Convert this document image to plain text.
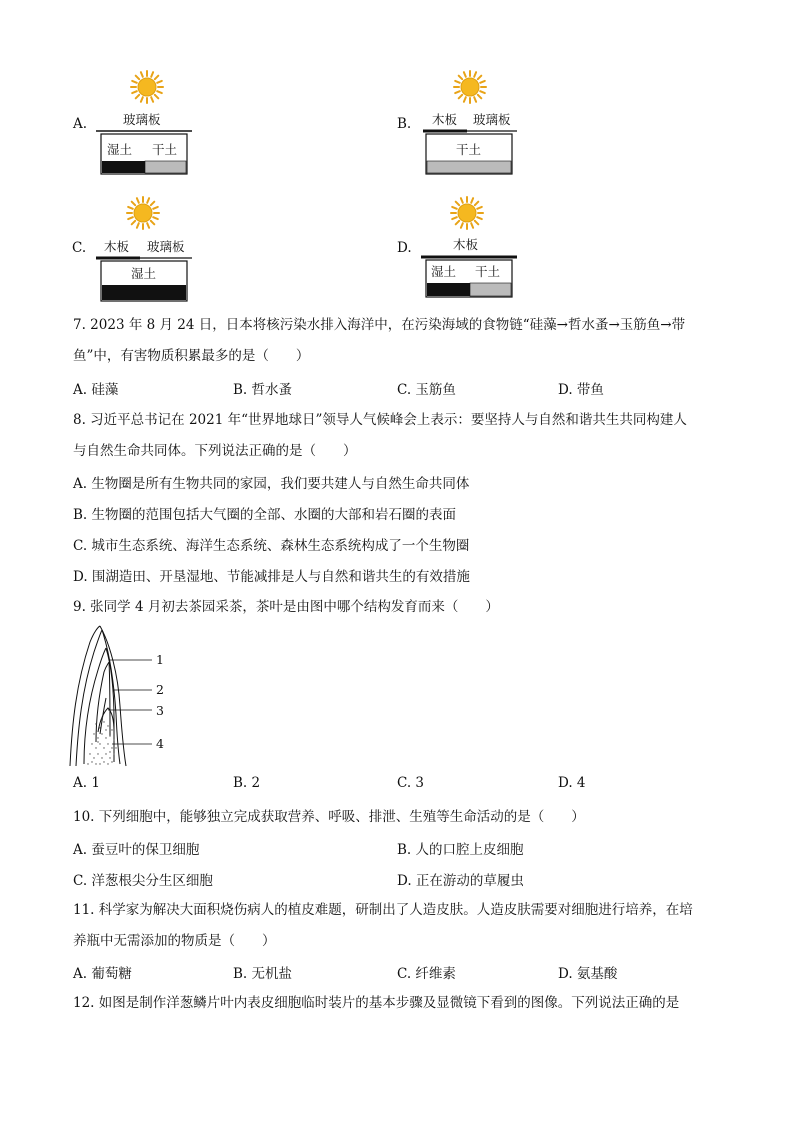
A.	玻璃板
湿土 干土
B. 木板 玻璃板
干土
C. 木板 玻璃板
湿土
D.	木板
湿土 干土
7. 2023 年 8 月 24 日，日本将核污染水排入海洋中，在污染海域的食物链“硅藻→哲水蚤→玉筋鱼→带
鱼”中，有害物质积累最多的是（　　）
A. 硅藻	B. 哲水蚤	C. 玉筋鱼	D. 带鱼
8. 习近平总书记在 2021 年“世界地球日”领导人气候峰会上表示：要坚持人与自然和谐共生共同构建人
与自然生命共同体。下列说法正确的是（　　）
A. 生物圈是所有生物共同的家园，我们要共建人与自然生命共同体
B. 生物圈的范围包括大气圈的全部、水圈的大部和岩石圈的表面
C. 城市生态系统、海洋生态系统、森林生态系统构成了一个生物圈
D. 围湖造田、开垦湿地、节能减排是人与自然和谐共生的有效措施
9. 张同学 4 月初去茶园采茶，茶叶是由图中哪个结构发育而来（　　）
1
2
3
4
A. 1	B. 2	C. 3	D. 4
10. 下列细胞中，能够独立完成获取营养、呼吸、排泄、生殖等生命活动的是（　　）
A. 蚕豆叶的保卫细胞	B. 人的口腔上皮细胞
C. 洋葱根尖分生区细胞	D. 正在游动的草履虫
11. 科学家为解决大面积烧伤病人的植皮难题，研制出了人造皮肤。人造皮肤需要对细胞进行培养，在培
养瓶中无需添加的物质是（　　）
A. 葡萄糖	B. 无机盐	C. 纤维素	D. 氨基酸
12. 如图是制作洋葱鳞片叶内表皮细胞临时装片的基本步骤及显微镜下看到的图像。下列说法正确的是
